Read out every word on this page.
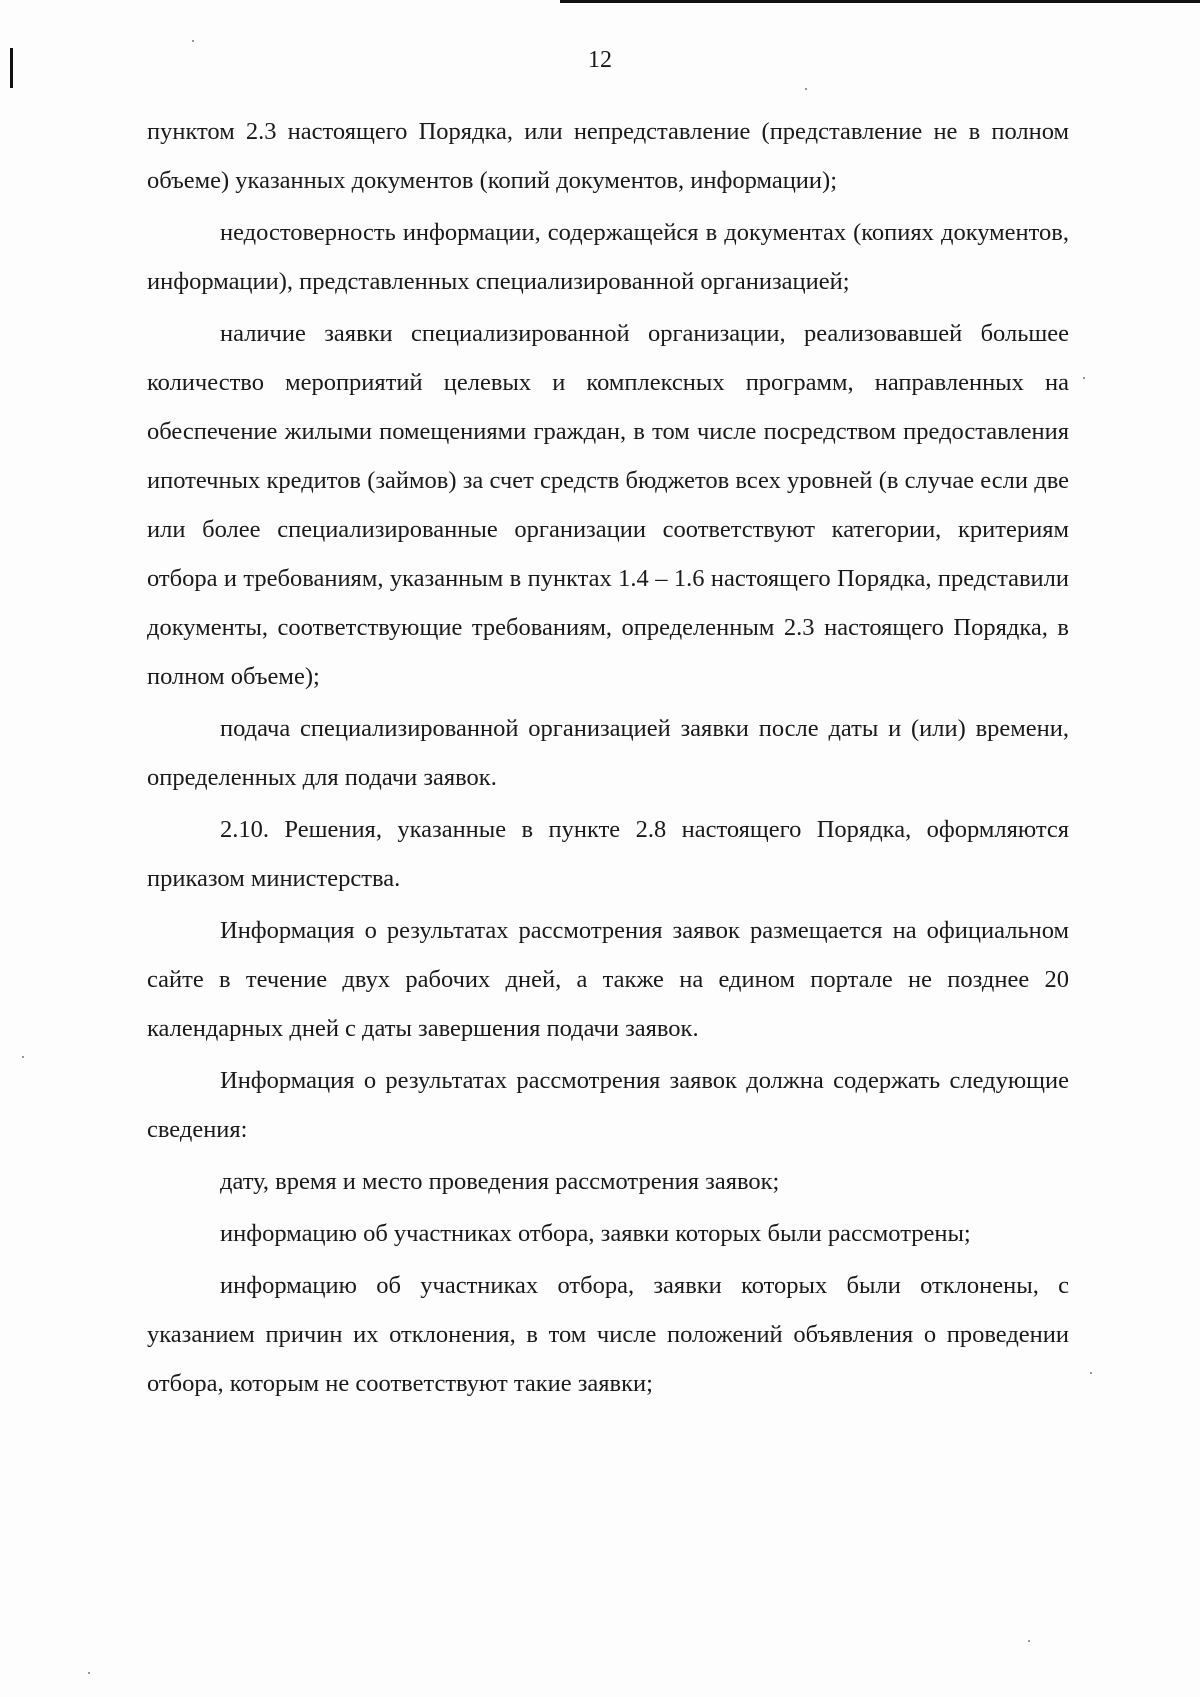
12

пунктом 2.3 настоящего Порядка, или непредставление (представление не в полном объеме) указанных документов (копий документов, информации);

недостоверность информации, содержащейся в документах (копиях документов, информации), представленных специализированной организацией;

наличие заявки специализированной организации, реализовавшей большее количество мероприятий целевых и комплексных программ, направленных на обеспечение жилыми помещениями граждан, в том числе посредством предоставления ипотечных кредитов (займов) за счет средств бюджетов всех уровней (в случае если две или более специализированные организации соответствуют категории, критериям отбора и требованиям, указанным в пунктах 1.4 – 1.6 настоящего Порядка, представили документы, соответствующие требованиям, определенным 2.3 настоящего Порядка, в полном объеме);

подача специализированной организацией заявки после даты и (или) времени, определенных для подачи заявок.

2.10. Решения, указанные в пункте 2.8 настоящего Порядка, оформляются приказом министерства.

Информация о результатах рассмотрения заявок размещается на официальном сайте в течение двух рабочих дней, а также на едином портале не позднее 20 календарных дней с даты завершения подачи заявок.

Информация о результатах рассмотрения заявок должна содержать следующие сведения:

дату, время и место проведения рассмотрения заявок;

информацию об участниках отбора, заявки которых были рассмотрены;

информацию об участниках отбора, заявки которых были отклонены, с указанием причин их отклонения, в том числе положений объявления о проведении отбора, которым не соответствуют такие заявки;
